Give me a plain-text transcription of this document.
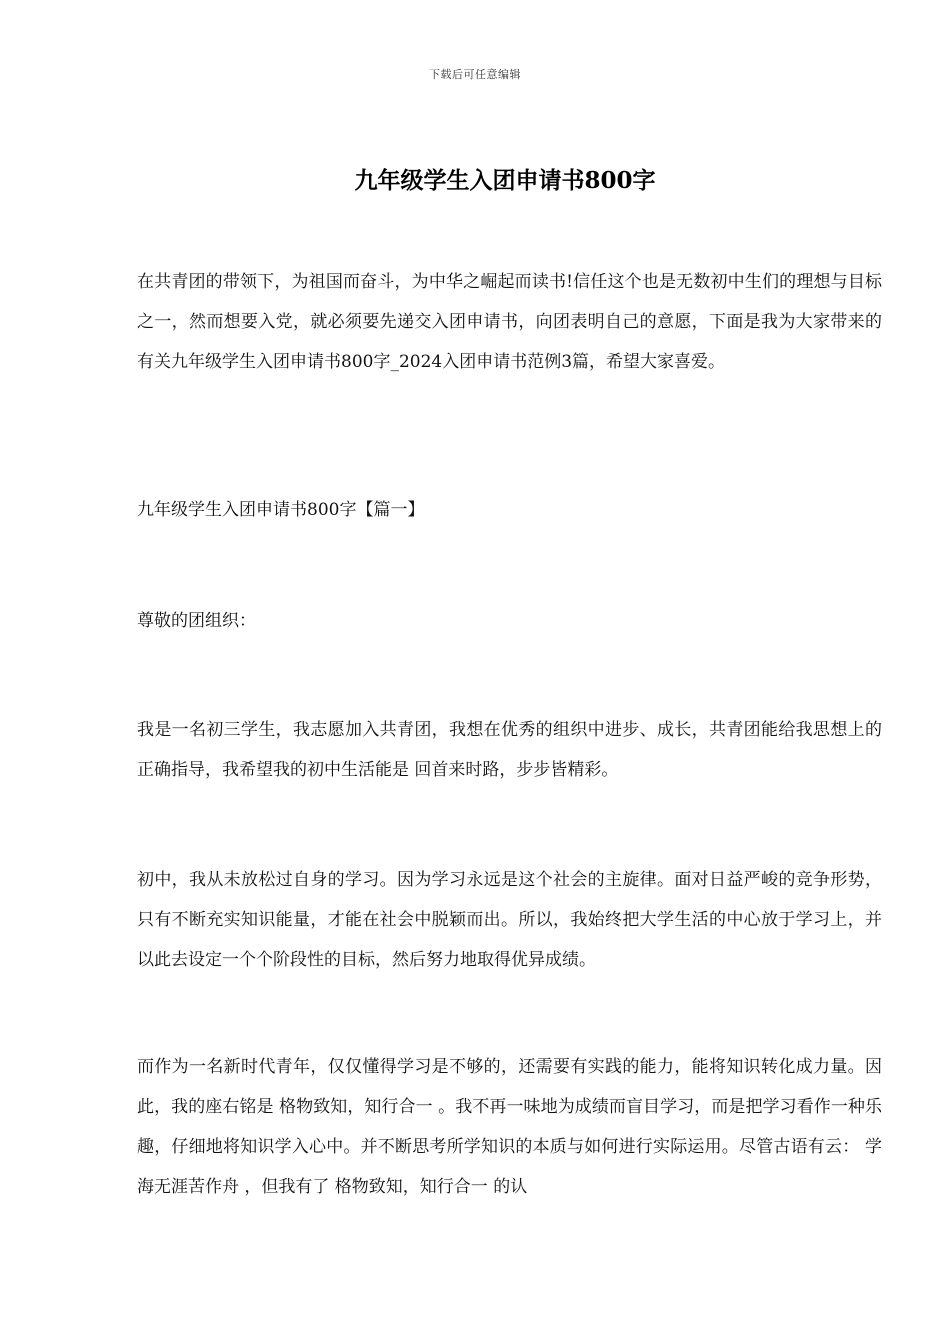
下载后可任意编辑
九年级学生入团申请书800字

在共青团的带领下，为祖国而奋斗，为中华之崛起而读书!信任这个也是无数初中生们的理想与目标之一，然而想要入党，就必须要先递交入团申请书，向团表明自己的意愿，下面是我为大家带来的有关九年级学生入团申请书800字_2024入团申请书范例3篇，希望大家喜爱。

九年级学生入团申请书800字【篇一】

尊敬的团组织：

我是一名初三学生，我志愿加入共青团，我想在优秀的组织中进步、成长，共青团能给我思想上的正确指导，我希望我的初中生活能是 回首来时路，步步皆精彩。

初中，我从未放松过自身的学习。因为学习永远是这个社会的主旋律。面对日益严峻的竞争形势，只有不断充实知识能量，才能在社会中脱颖而出。所以，我始终把大学生活的中心放于学习上，并以此去设定一个个阶段性的目标，然后努力地取得优异成绩。

而作为一名新时代青年，仅仅懂得学习是不够的，还需要有实践的能力，能将知识转化成力量。因此，我的座右铭是 格物致知，知行合一 。我不再一味地为成绩而盲目学习，而是把学习看作一种乐趣，仔细地将知识学入心中。并不断思考所学知识的本质与如何进行实际运用。尽管古语有云： 学海无涯苦作舟 ，但我有了 格物致知，知行合一 的认
